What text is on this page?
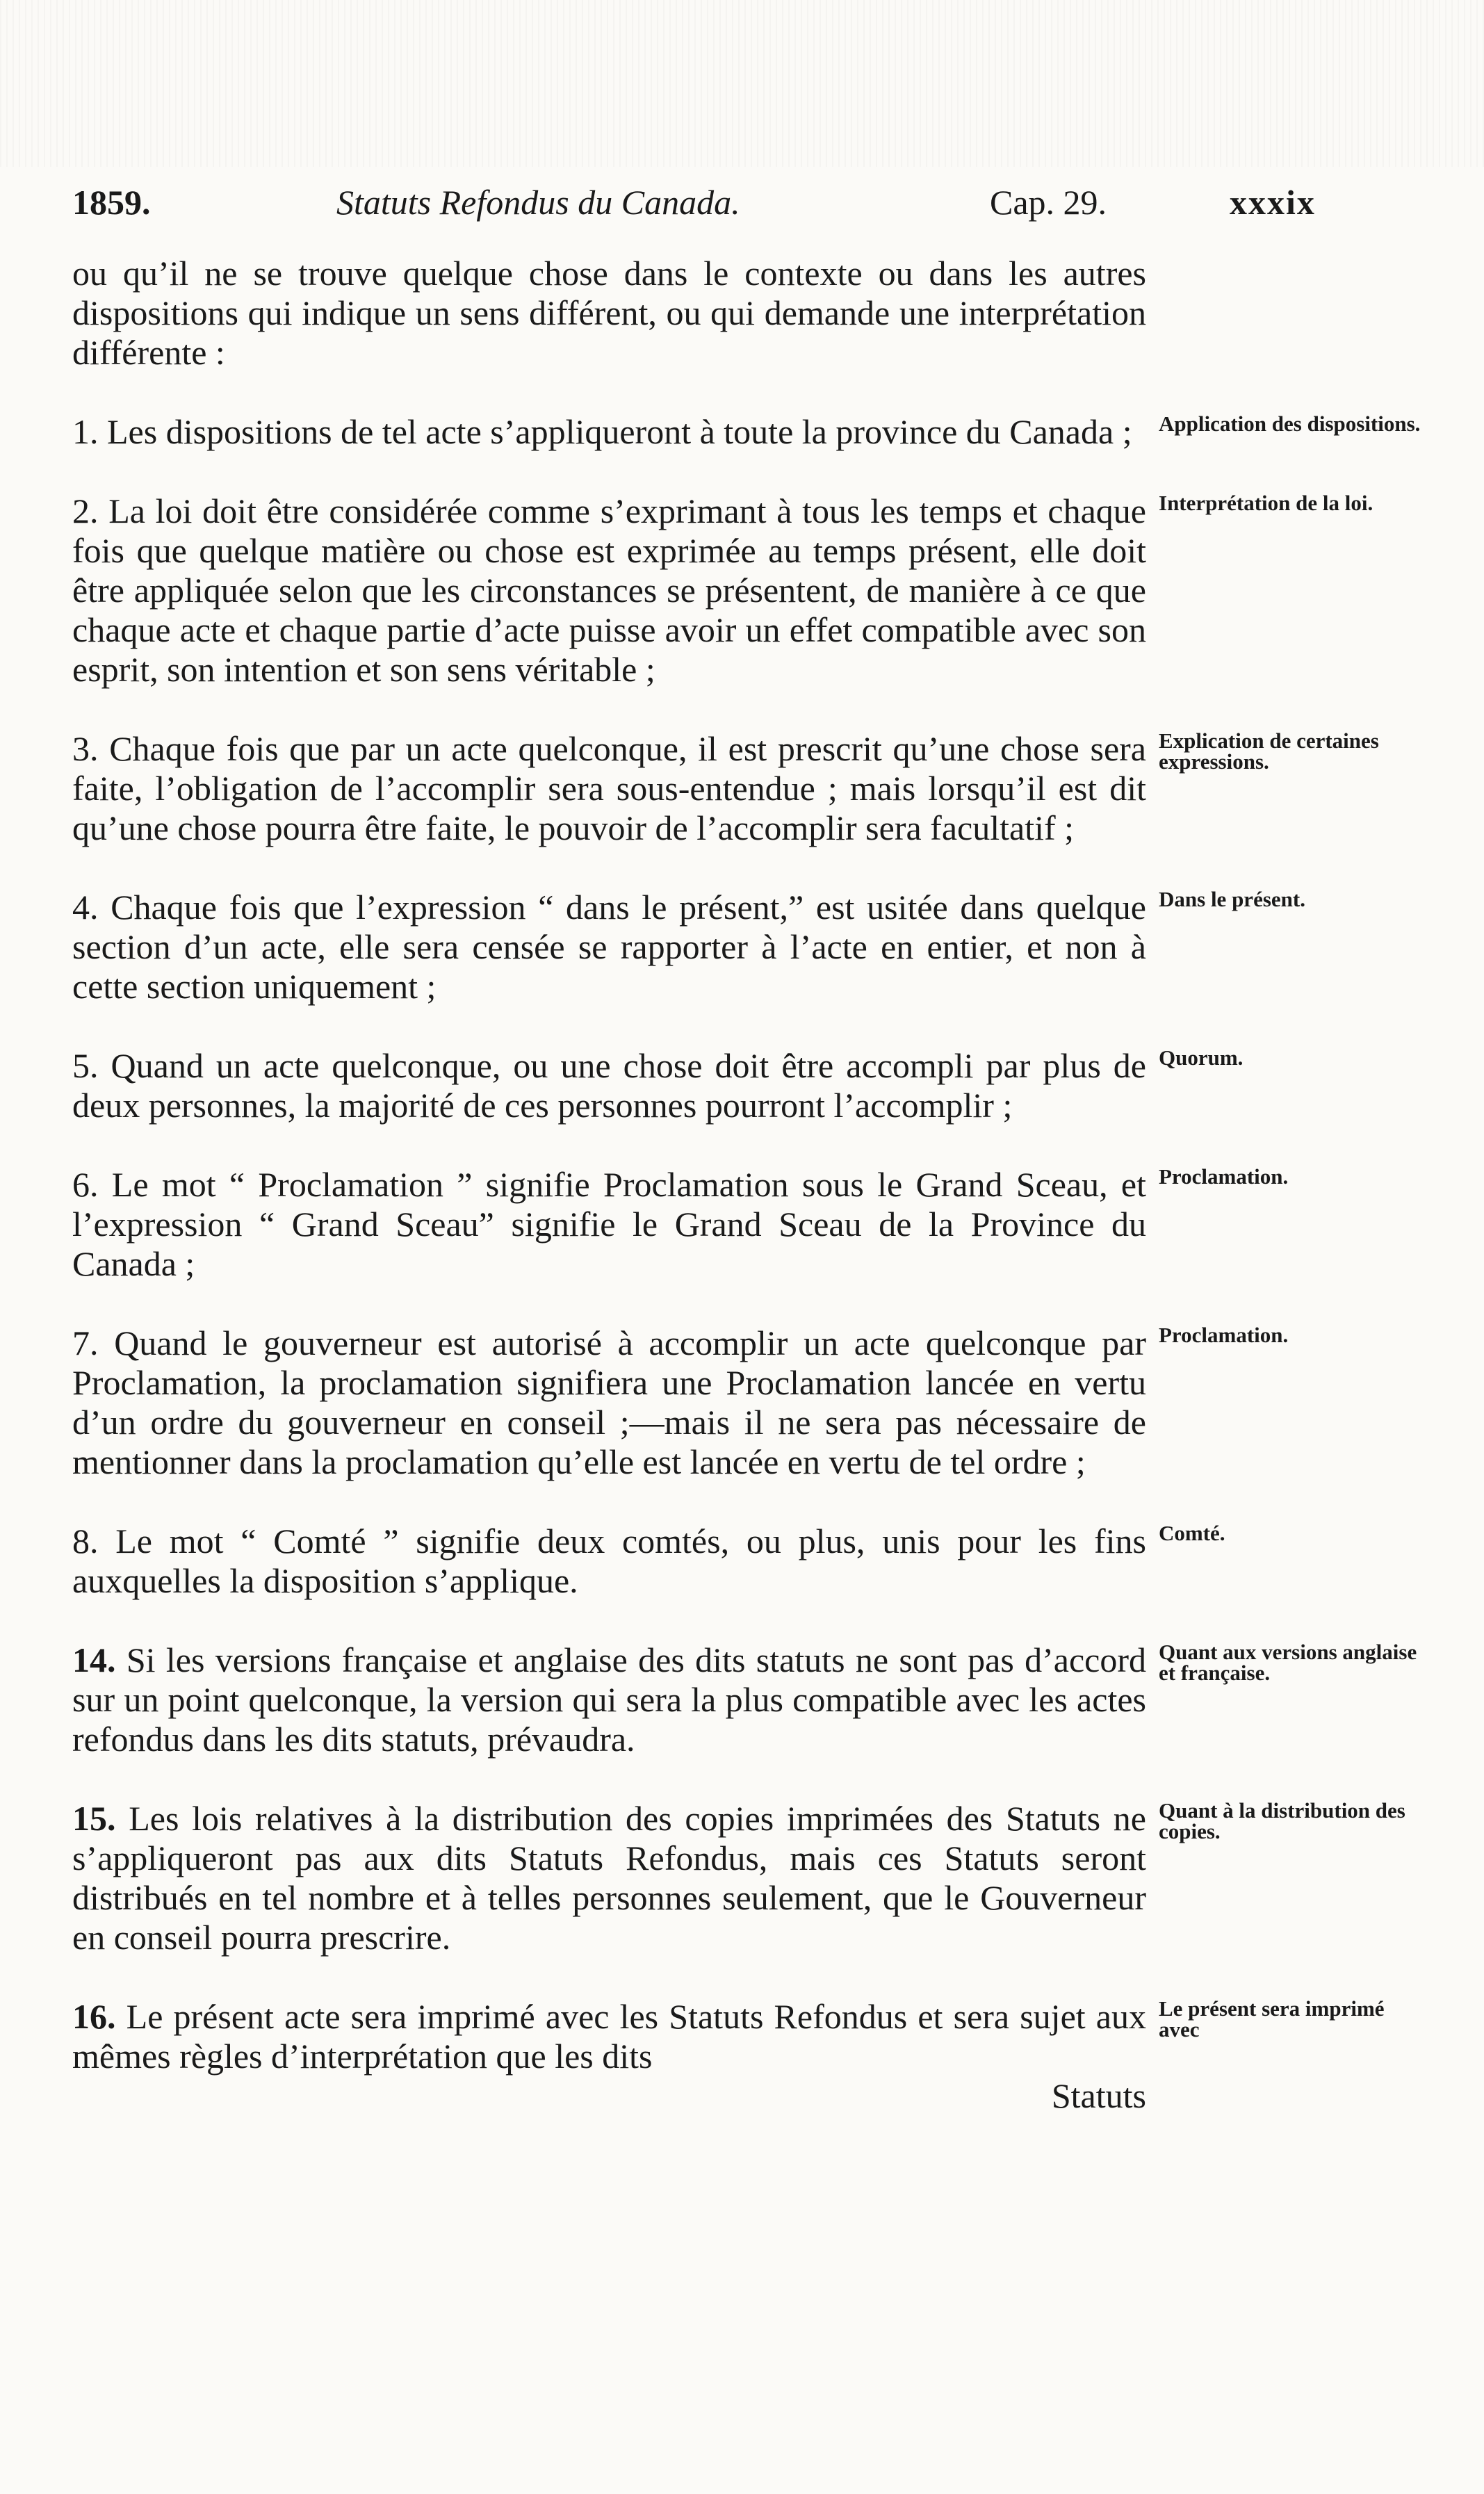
1859.	Statuts Refondus du Canada.	Cap. 29.	xxxix

ou qu’il ne se trouve quelque chose dans le contexte ou dans les autres dispositions qui indique un sens différent, ou qui demande une interprétation différente :

1. Les dispositions de tel acte s’appliqueront à toute la province du Canada ; Application des dispositions.
2. La loi doit être considérée comme s’exprimant à tous les temps et chaque fois que quelque matière ou chose est exprimée au temps présent, elle doit être appliquée selon que les circonstances se présentent, de manière à ce que chaque acte et chaque partie d’acte puisse avoir un effet compatible avec son esprit, son intention et son sens véritable ;
Interprétation de la loi.
3. Chaque fois que par un acte quelconque, il est prescrit qu’une chose sera faite, l’obligation de l’accomplir sera sous-entendue ; mais lorsqu’il est dit qu’une chose pourra être faite, le pouvoir de l’accomplir sera facultatif ;
Explication de certaines expressions.
4. Chaque fois que l’expression “ dans le présent,” est usitée dans quelque section d’un acte, elle sera censée se rapporter à l’acte en entier, et non à cette section uniquement ;
Dans le présent.
5. Quand un acte quelconque, ou une chose doit être accompli par plus de deux personnes, la majorité de ces personnes pourront l’accomplir ;
Quorum.
6. Le mot “ Proclamation ” signifie Proclamation sous le Grand Sceau, et l’expression “ Grand Sceau” signifie le Grand Sceau de la Province du Canada ;
Proclamation.
7. Quand le gouverneur est autorisé à accomplir un acte quelconque par Proclamation, la proclamation signifiera une Proclamation lancée en vertu d’un ordre du gouverneur en conseil ;—mais il ne sera pas nécessaire de mentionner dans la proclamation qu’elle est lancée en vertu de tel ordre ;
Proclamation.
8. Le mot “ Comté ” signifie deux comtés, ou plus, unis pour les fins auxquelles la disposition s’applique.
Comté.
14. Si les versions française et anglaise des dits statuts ne sont pas d’accord sur un point quelconque, la version qui sera la plus compatible avec les actes refondus dans les dits statuts, prévaudra.
Quant aux versions anglaise et française.
15. Les lois relatives à la distribution des copies imprimées des Statuts ne s’appliqueront pas aux dits Statuts Refondus, mais ces Statuts seront distribués en tel nombre et à telles personnes seulement, que le Gouverneur en conseil pourra prescrire.
Quant à la distribution des copies.
16. Le présent acte sera imprimé avec les Statuts Refondus et sera sujet aux mêmes règles d’interprétation que les dits
Le présent sera imprimé avec
Statuts
